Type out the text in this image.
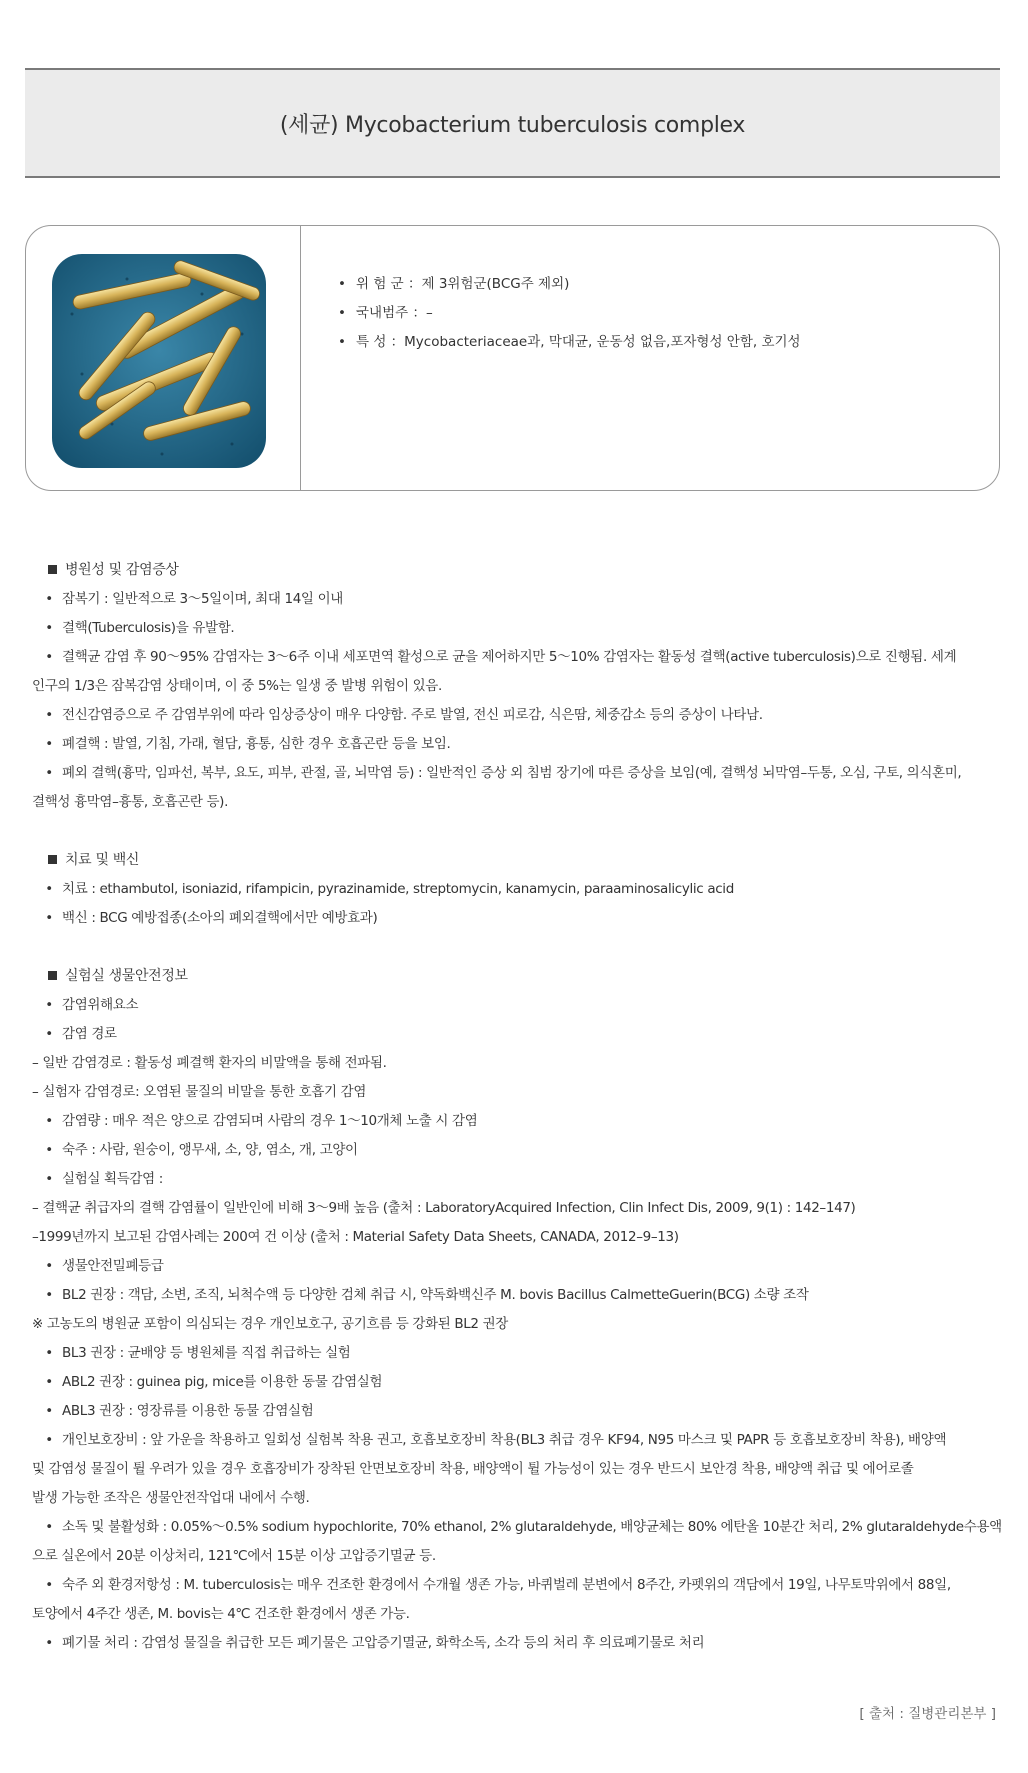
(세균) Mycobacterium tuberculosis complex
• 위 험 군 ：제 3위험군(BCG주 제외)
• 국내범주 ：–
• 특 성 ：Mycobacteriaceae과, 막대균, 운동성 없음,포자형성 안함, 호기성
병원성 및 감염증상
• 잠복기 : 일반적으로 3～5일이며, 최대 14일 이내
• 결핵(Tuberculosis)을 유발함.
• 결핵균 감염 후 90～95% 감염자는 3～6주 이내 세포면역 활성으로 균을 제어하지만 5～10% 감염자는 활동성 결핵(active tuberculosis)으로 진행됨. 세계
인구의 1/3은 잠복감염 상태이며, 이 중 5%는 일생 중 발병 위험이 있음.
• 전신감염증으로 주 감염부위에 따라 임상증상이 매우 다양함. 주로 발열, 전신 피로감, 식은땀, 체중감소 등의 증상이 나타남.
• 폐결핵 : 발열, 기침, 가래, 혈담, 흉통, 심한 경우 호흡곤란 등을 보임.
• 폐외 결핵(흉막, 임파선, 복부, 요도, 피부, 관절, 골, 뇌막염 등) : 일반적인 증상 외 침범 장기에 따른 증상을 보임(예, 결핵성 뇌막염–두통, 오심, 구토, 의식혼미,
결핵성 흉막염–흉통, 호흡곤란 등).
치료 및 백신
• 치료 : ethambutol, isoniazid, rifampicin, pyrazinamide, streptomycin, kanamycin, paraaminosalicylic acid
• 백신 : BCG 예방접종(소아의 폐외결핵에서만 예방효과)
실험실 생물안전정보
• 감염위해요소
• 감염 경로
– 일반 감염경로 : 활동성 폐결핵 환자의 비말액을 통해 전파됨.
– 실험자 감염경로: 오염된 물질의 비말을 통한 호흡기 감염
• 감염량 : 매우 적은 양으로 감염되며 사람의 경우 1～10개체 노출 시 감염
• 숙주 : 사람, 원숭이, 앵무새, 소, 양, 염소, 개, 고양이
• 실험실 획득감염 :
– 결핵균 취급자의 결핵 감염률이 일반인에 비해 3～9배 높음 (출처 : LaboratoryAcquired Infection, Clin Infect Dis, 2009, 9(1) : 142–147)
–1999년까지 보고된 감염사례는 200여 건 이상 (출처 : Material Safety Data Sheets, CANADA, 2012–9–13)
• 생물안전밀폐등급
• BL2 권장 : 객담, 소변, 조직, 뇌척수액 등 다양한 검체 취급 시, 약독화백신주 M. bovis Bacillus CalmetteGuerin(BCG) 소량 조작
※ 고농도의 병원균 포함이 의심되는 경우 개인보호구, 공기흐름 등 강화된 BL2 권장
• BL3 권장 : 균배양 등 병원체를 직접 취급하는 실험
• ABL2 권장 : guinea pig, mice를 이용한 동물 감염실험
• ABL3 권장 : 영장류를 이용한 동물 감염실험
• 개인보호장비 : 앞 가운을 착용하고 일회성 실험복 착용 권고, 호흡보호장비 착용(BL3 취급 경우 KF94, N95 마스크 및 PAPR 등 호흡보호장비 착용), 배양액
및 감염성 물질이 튈 우려가 있을 경우 호흡장비가 장착된 안면보호장비 착용, 배양액이 튈 가능성이 있는 경우 반드시 보안경 착용, 배양액 취급 및 에어로졸
발생 가능한 조작은 생물안전작업대 내에서 수행.
• 소독 및 불활성화 : 0.05%～0.5% sodium hypochlorite, 70% ethanol, 2% glutaraldehyde, 배양균체는 80% 에탄올 10분간 처리, 2% glutaraldehyde수용액
으로 실온에서 20분 이상처리, 121℃에서 15분 이상 고압증기멸균 등.
• 숙주 외 환경저항성 : M. tuberculosis는 매우 건조한 환경에서 수개월 생존 가능, 바퀴벌레 분변에서 8주간, 카펫위의 객담에서 19일, 나무토막위에서 88일,
토양에서 4주간 생존, M. bovis는 4℃ 건조한 환경에서 생존 가능.
• 폐기물 처리 : 감염성 물질을 취급한 모든 폐기물은 고압증기멸균, 화학소독, 소각 등의 처리 후 의료폐기물로 처리
[ 출처 : 질병관리본부 ]
